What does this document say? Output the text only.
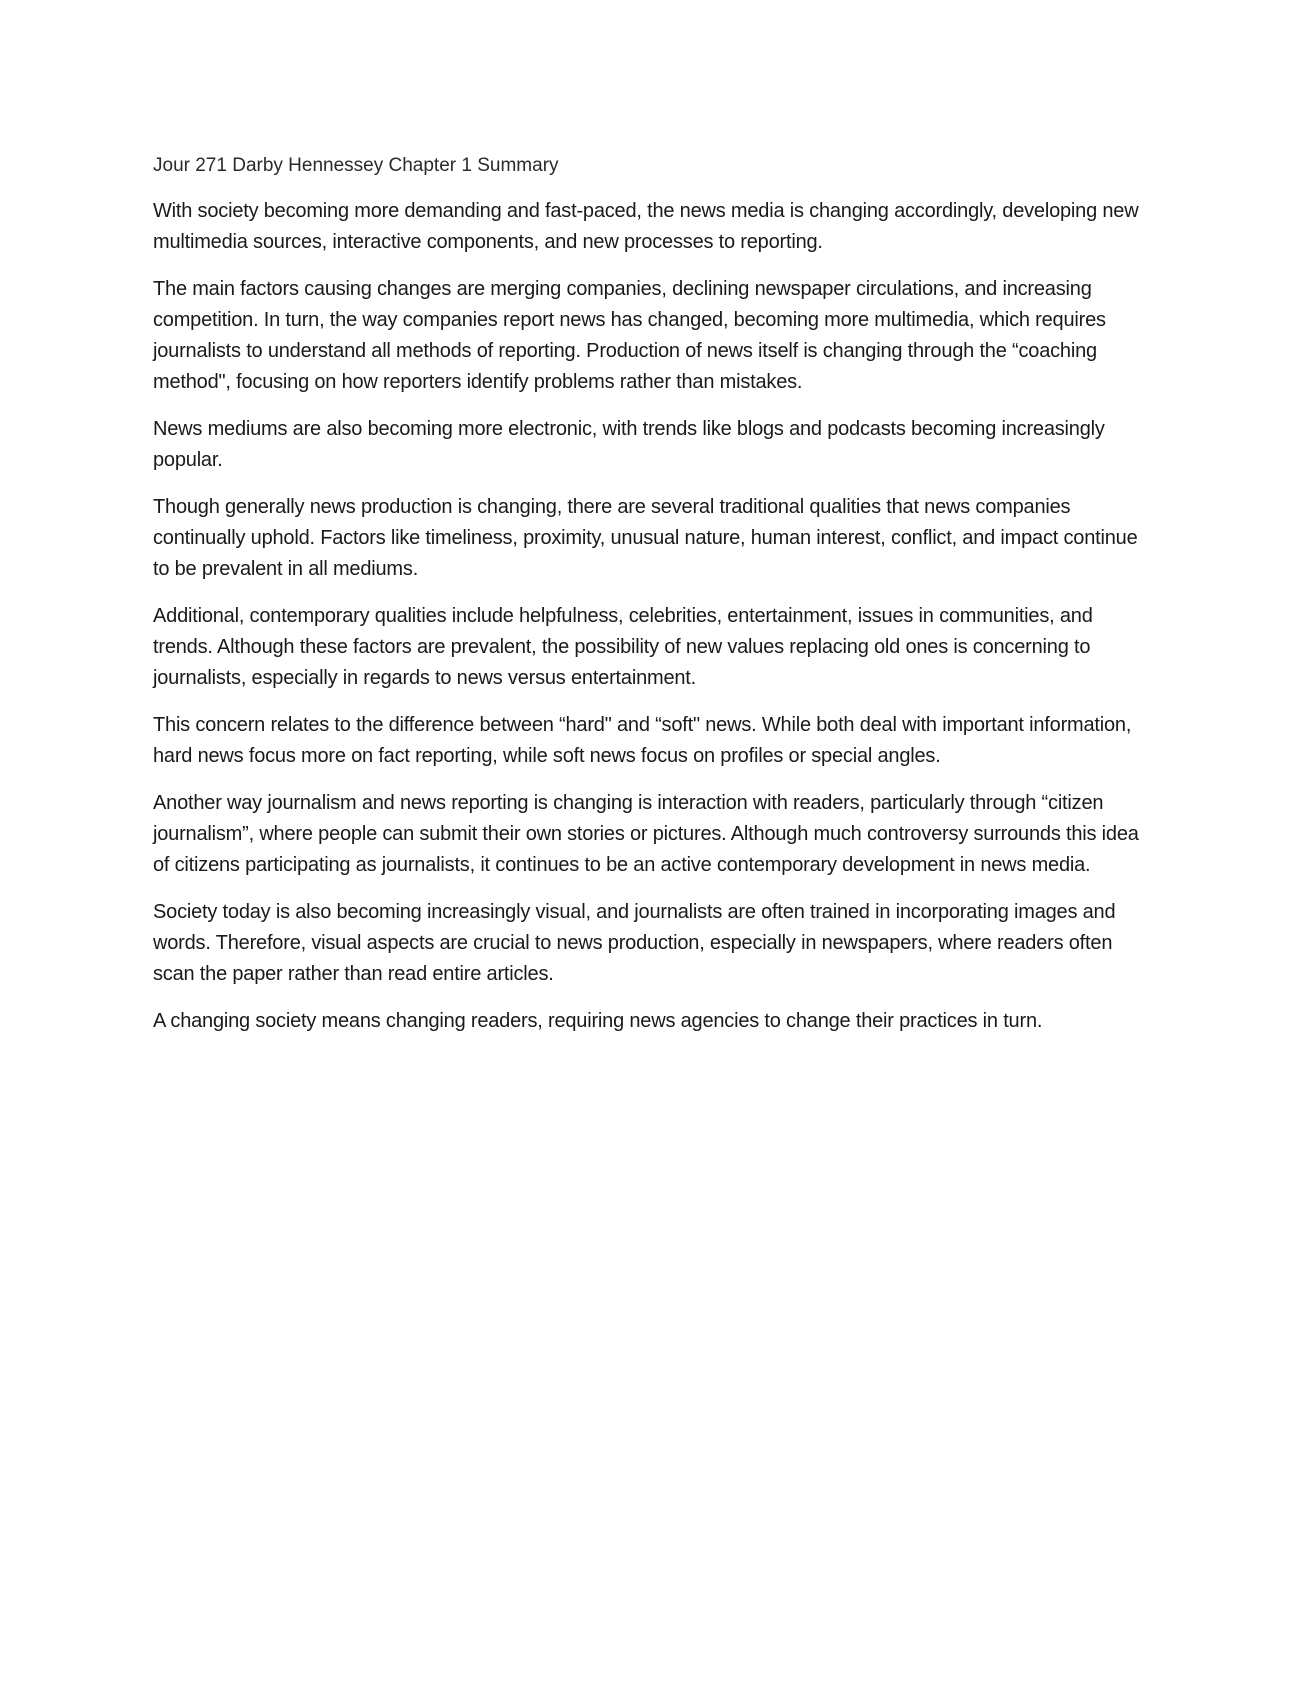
Jour 271 Darby Hennessey Chapter 1 Summary

With society becoming more demanding and fast-paced, the news media is changing accordingly, developing new multimedia sources, interactive components, and new processes to reporting.

The main factors causing changes are merging companies, declining newspaper circulations, and increasing competition. In turn, the way companies report news has changed, becoming more multimedia, which requires journalists to understand all methods of reporting. Production of news itself is changing through the “coaching method", focusing on how reporters identify problems rather than mistakes.

News mediums are also becoming more electronic, with trends like blogs and podcasts becoming increasingly popular.

Though generally news production is changing, there are several traditional qualities that news companies continually uphold. Factors like timeliness, proximity, unusual nature, human interest, conflict, and impact continue to be prevalent in all mediums.

Additional, contemporary qualities include helpfulness, celebrities, entertainment, issues in communities, and trends. Although these factors are prevalent, the possibility of new values replacing old ones is concerning to journalists, especially in regards to news versus entertainment.

This concern relates to the difference between “hard" and “soft" news. While both deal with important information, hard news focus more on fact reporting, while soft news focus on profiles or special angles.

Another way journalism and news reporting is changing is interaction with readers, particularly through “citizen journalism”, where people can submit their own stories or pictures. Although much controversy surrounds this idea of citizens participating as journalists, it continues to be an active contemporary development in news media.

Society today is also becoming increasingly visual, and journalists are often trained in incorporating images and words. Therefore, visual aspects are crucial to news production, especially in newspapers, where readers often scan the paper rather than read entire articles.

A changing society means changing readers, requiring news agencies to change their practices in turn.
